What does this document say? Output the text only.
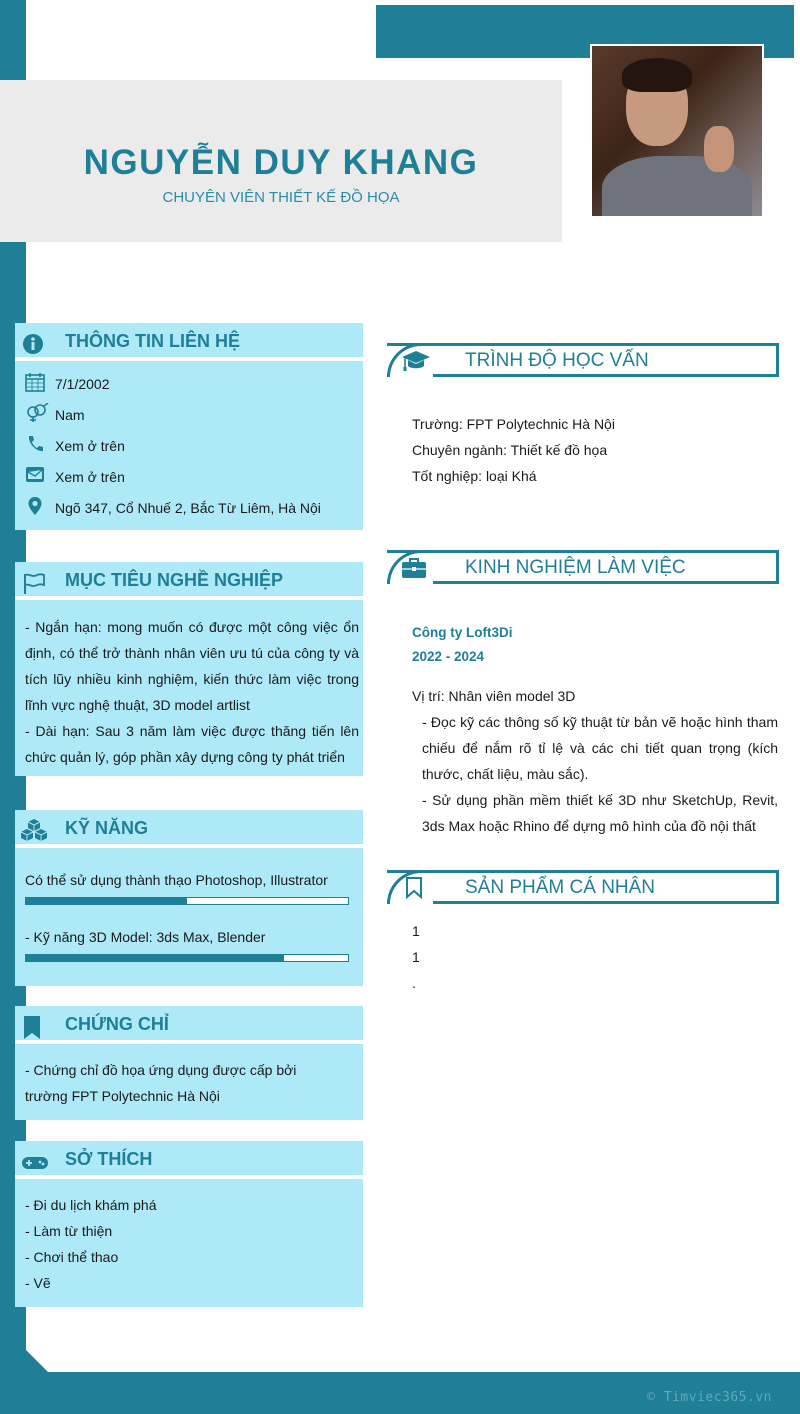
© Timviec365.vn
NGUYỄN DUY KHANG
CHUYÊN VIÊN THIẾT KẾ ĐỒ HỌA
THÔNG TIN LIÊN HỆ
7/1/2002
Nam
Xem ở trên
Xem ở trên
Ngõ 347, Cổ Nhuế 2, Bắc Từ Liêm, Hà Nội
MỤC TIÊU NGHỀ NGHIỆP
- Ngắn hạn: mong muốn có được một công việc ổn định, có thể trở thành nhân viên ưu tú của công ty và tích lũy nhiều kinh nghiệm, kiến thức làm việc trong lĩnh vực nghệ thuật, 3D model artlist
- Dài hạn: Sau 3 năm làm việc được thăng tiến lên chức quản lý, góp phần xây dựng công ty phát triển
KỸ NĂNG
Có thể sử dụng thành thạo Photoshop, Illustrator
- Kỹ năng 3D Model: 3ds Max, Blender
CHỨNG CHỈ
- Chứng chỉ đồ họa ứng dụng được cấp bởi
trường FPT Polytechnic Hà Nội
SỞ THÍCH
- Đi du lịch khám phá
- Làm từ thiện
- Chơi thể thao
- Vẽ
TRÌNH ĐỘ HỌC VẤN
Trường: FPT Polytechnic Hà Nội
Chuyên ngành: Thiết kế đồ họa
Tốt nghiệp: loại Khá
KINH NGHIỆM LÀM VIỆC
Công ty Loft3Di
2022 - 2024
Vị trí: Nhân viên model 3D
- Đọc kỹ các thông số kỹ thuật từ bản vẽ hoặc hình tham chiếu để nắm rõ tỉ lệ và các chi tiết quan trọng (kích thước, chất liệu, màu sắc).
- Sử dụng phần mềm thiết kế 3D như SketchUp, Revit, 3ds Max hoặc Rhino để dựng mô hình của đồ nội thất
SẢN PHẨM CÁ NHÂN
1
1
.
